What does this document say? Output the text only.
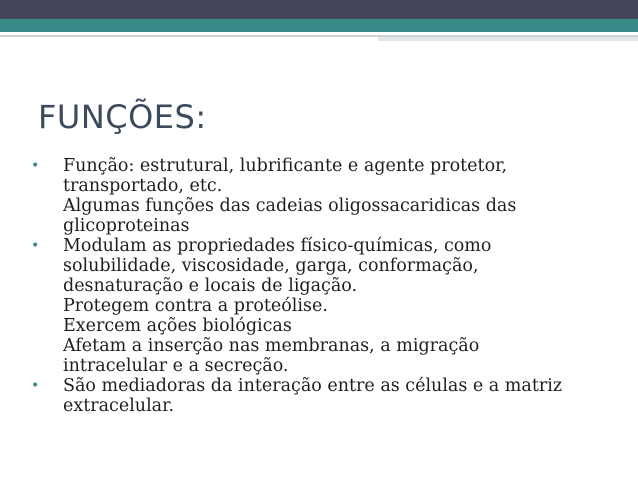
FUNÇÕES:
• Função: estrutural, lubrificante e agente protetor,
transportado, etc.
Algumas funções das cadeias oligossacaridicas das
glicoproteinas
• Modulam as propriedades físico-químicas, como
solubilidade, viscosidade, garga, conformação,
desnaturação e locais de ligação.
Protegem contra a proteólise.
Exercem ações biológicas
Afetam a inserção nas membranas, a migração
intracelular e a secreção.
• São mediadoras da interação entre as células e a matriz
extracelular.
